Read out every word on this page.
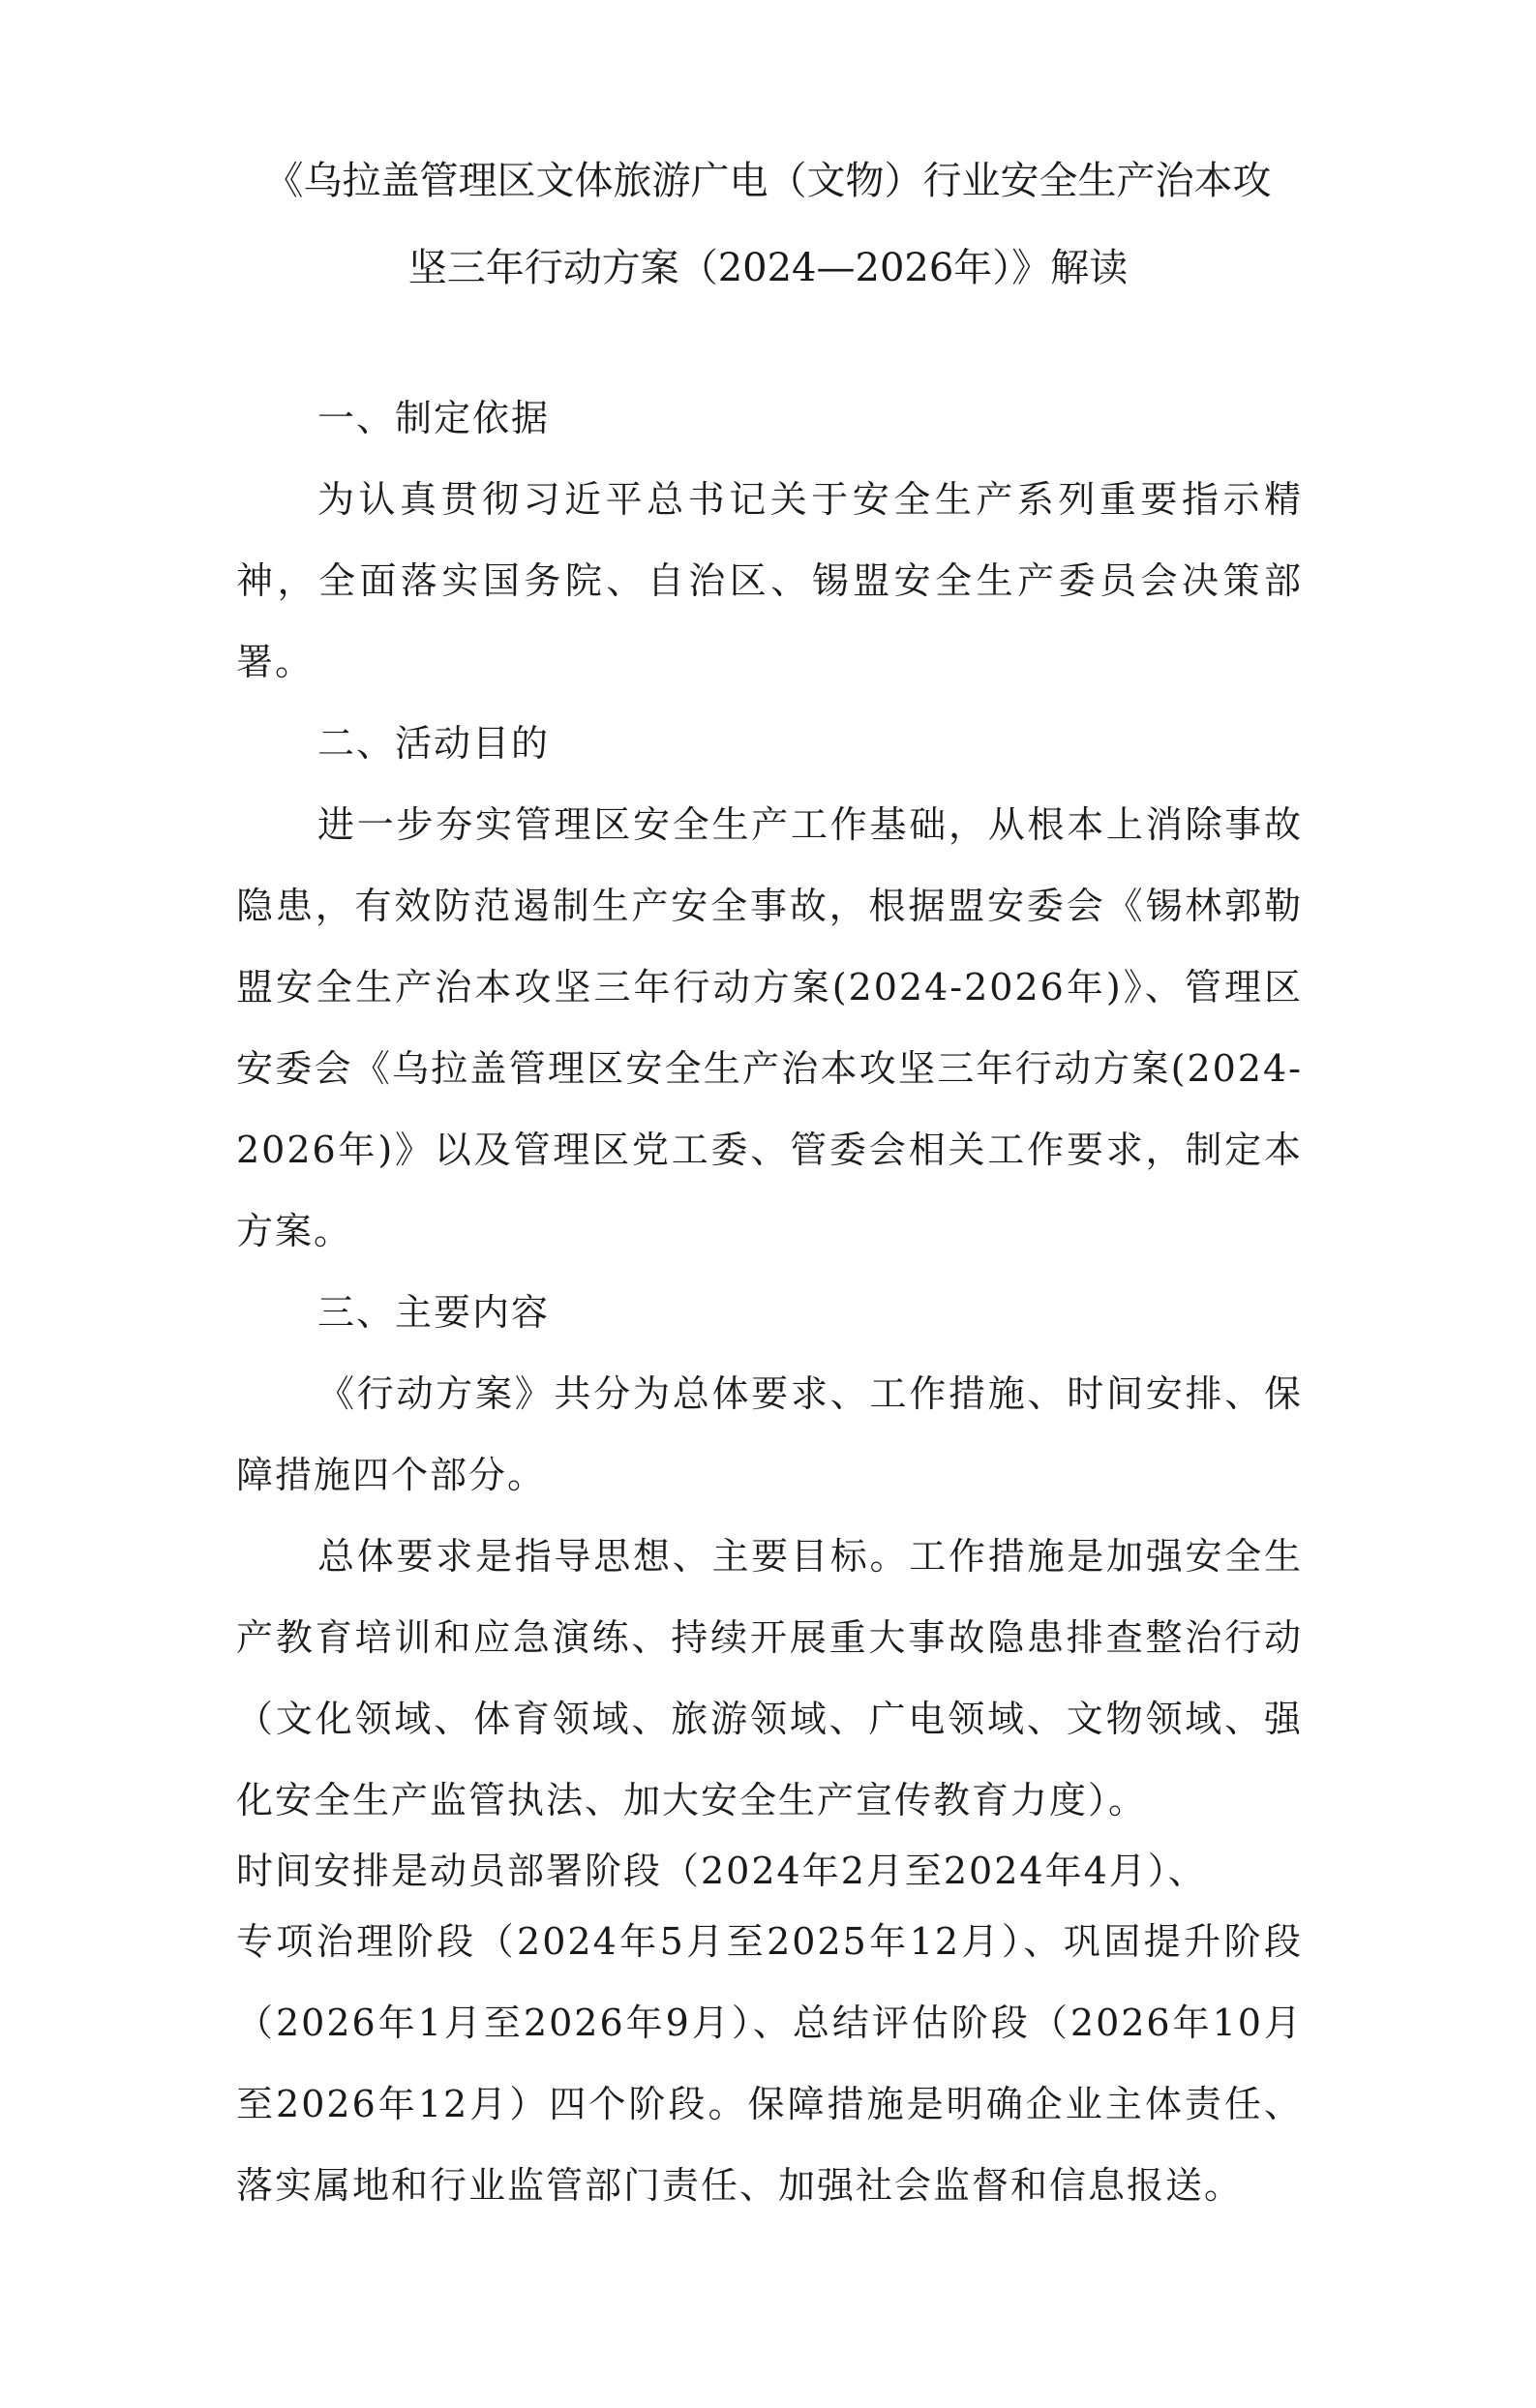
《乌拉盖管理区文体旅游广电（文物）行业安全生产治本攻
坚三年行动方案（2024—2026年）》解读

一、制定依据

为认真贯彻习近平总书记关于安全生产系列重要指示精神，全面落实国务院、自治区、锡盟安全生产委员会决策部署。

二、活动目的

进一步夯实管理区安全生产工作基础，从根本上消除事故隐患，有效防范遏制生产安全事故，根据盟安委会《锡林郭勒盟安全生产治本攻坚三年行动方案(2024-2026年)》、管理区安委会《乌拉盖管理区安全生产治本攻坚三年行动方案(2024-2026年)》以及管理区党工委、管委会相关工作要求，制定本方案。

三、主要内容

《行动方案》共分为总体要求、工作措施、时间安排、保障措施四个部分。

总体要求是指导思想、主要目标。工作措施是加强安全生产教育培训和应急演练、持续开展重大事故隐患排查整治行动（文化领域、体育领域、旅游领域、广电领域、文物领域、强化安全生产监管执法、加大安全生产宣传教育力度）。

时间安排是动员部署阶段（2024年2月至2024年4月）、

专项治理阶段（2024年5月至2025年12月）、巩固提升阶段（2026年1月至2026年9月）、总结评估阶段（2026年10月至2026年12月）四个阶段。保障措施是明确企业主体责任、落实属地和行业监管部门责任、加强社会监督和信息报送。
